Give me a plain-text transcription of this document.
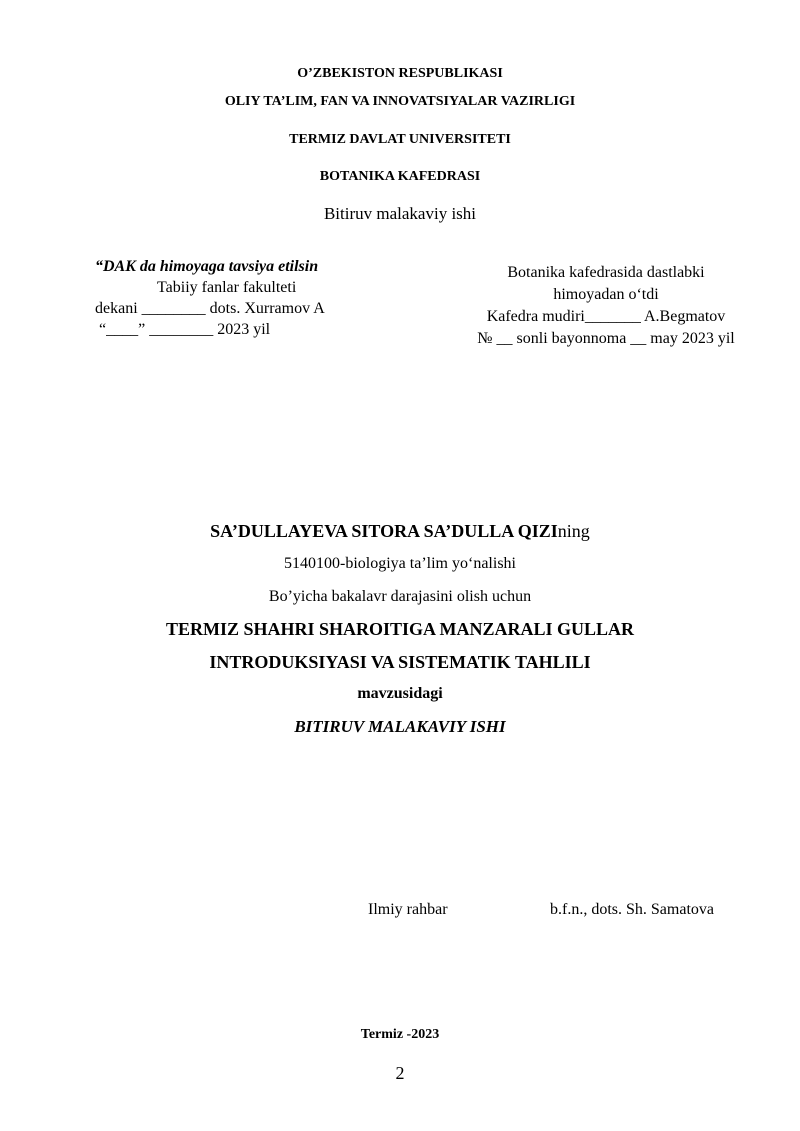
O’ZBEKISTON RESPUBLIKASI
OLIY TA’LIM, FAN VA INNOVATSIYALAR VAZIRLIGI
TERMIZ DAVLAT UNIVERSITETI
BOTANIKA KAFEDRASI
Bitiruv malakaviy ishi
“DAK da himoyaga tavsiya etilsin
Tabiiy fanlar fakulteti
dekani ________ dots. Xurramov A
“____” ________ 2023 yil
Botanika kafedrasida dastlabki
himoyadan o‘tdi
Kafedra mudiri_______ A.Begmatov
№ __ sonli bayonnoma __ may 2023 yil
SA’DULLAYEVA SITORA SA’DULLA QIZIning
5140100-biologiya ta’lim yo‘nalishi
Bo’yicha bakalavr darajasini olish uchun
TERMIZ SHAHRI SHAROITIGA MANZARALI GULLAR
INTRODUKSIYASI VA SISTEMATIK TAHLILI
mavzusidagi
BITIRUV MALAKAVIY ISHI
Ilmiy rahbar	b.f.n., dots. Sh. Samatova
Termiz -2023
2
